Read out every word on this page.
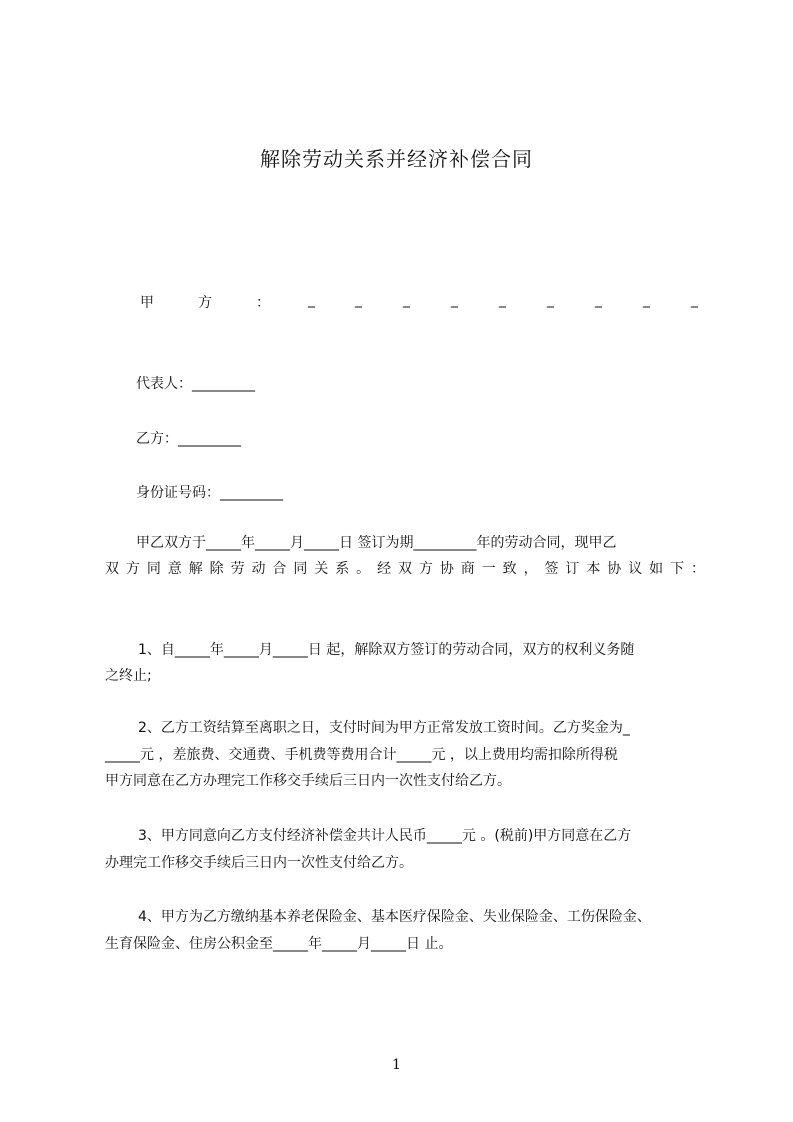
解除劳动关系并经济补偿合同
甲	方	：	_	_	_	_	_	_	_	_	_
代表人：_________
乙方：_________
身份证号码：_________
甲乙双方于_____年_____月_____日 签订为期_________年的劳动合同，现甲乙
双方同意解除劳动合同关系。经双方协商一致，签订本协议如下：
1、自_____年_____月_____日 起，解除双方签订的劳动合同，双方的权利义务随
之终止;
2、乙方工资结算至离职之日，支付时间为甲方正常发放工资时间。乙方奖金为_
_____元 ，差旅费、交通费、手机费等费用合计_____元 ，以上费用均需扣除所得税
甲方同意在乙方办理完工作移交手续后三日内一次性支付给乙方。
3、甲方同意向乙方支付经济补偿金共计人民币_____元 。(税前)甲方同意在乙方
办理完工作移交手续后三日内一次性支付给乙方。
4、甲方为乙方缴纳基本养老保险金、基本医疗保险金、失业保险金、工伤保险金、
生育保险金、住房公积金至_____年_____月_____日 止。
1
